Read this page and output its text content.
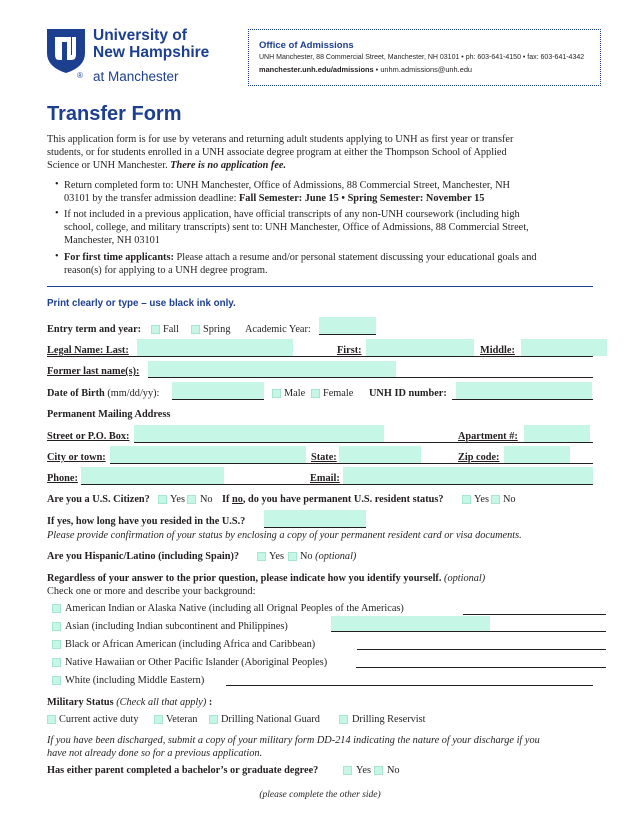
®
University of
New Hampshire
at Manchester
Office of Admissions
UNH Manchester, 88 Commercial Street, Manchester, NH 03101 • ph: 603-641-4150 • fax: 603-641-4342
manchester.unh.edu/admissions • unhm.admissions@unh.edu
Transfer Form
This application form is for use by veterans and returning adult students applying to UNH as first year or transfer
students, or for students enrolled in a UNH associate degree program at either the Thompson School of Applied
Science or UNH Manchester. There is no application fee.
• Return completed form to: UNH Manchester, Office of Admissions, 88 Commercial Street, Manchester, NH
03101 by the transfer admission deadline: Fall Semester: June 15 • Spring Semester: November 15
• If not included in a previous application, have official transcripts of any non-UNH coursework (including high
school, college, and military transcripts) sent to: UNH Manchester, Office of Admissions, 88 Commercial Street,
Manchester, NH 03101
• For first time applicants: Please attach a resume and/or personal statement discussing your educational goals and
reason(s) for applying to a UNH degree program.
Print clearly or type – use black ink only.
Entry term and year: Fall Spring Academic Year:
Legal Name: Last:	First:	Middle:
Former last name(s):
Date of Birth (mm/dd/yy):	Male Female UNH ID number:
Permanent Mailing Address
Street or P.O. Box:	Apartment #:
City or town:	State:	Zip code:
Phone:	Email:
Are you a U.S. Citizen? Yes No If no, do you have permanent U.S. resident status?	Yes No
If yes, how long have you resided in the U.S.?
Please provide confirmation of your status by enclosing a copy of your permanent resident card or visa documents.
Are you Hispanic/Latino (including Spain)?	Yes No (optional)
Regardless of your answer to the prior question, please indicate how you identify yourself. (optional)
Check one or more and describe your background:
American Indian or Alaska Native (including all Orignal Peoples of the Americas)
Asian (including Indian subcontinent and Philippines)
Black or African American (including Africa and Caribbean)
Native Hawaiian or Other Pacific Islander (Aboriginal Peoples)
White (including Middle Eastern)
Military Status (Check all that apply) :
Current active duty	Veteran Drilling National Guard	Drilling Reservist
If you have been discharged, submit a copy of your military form DD-214 indicating the nature of your discharge if you
have not already done so for a previous application.
Has either parent completed a bachelor’s or graduate degree?	Yes No
(please complete the other side)
